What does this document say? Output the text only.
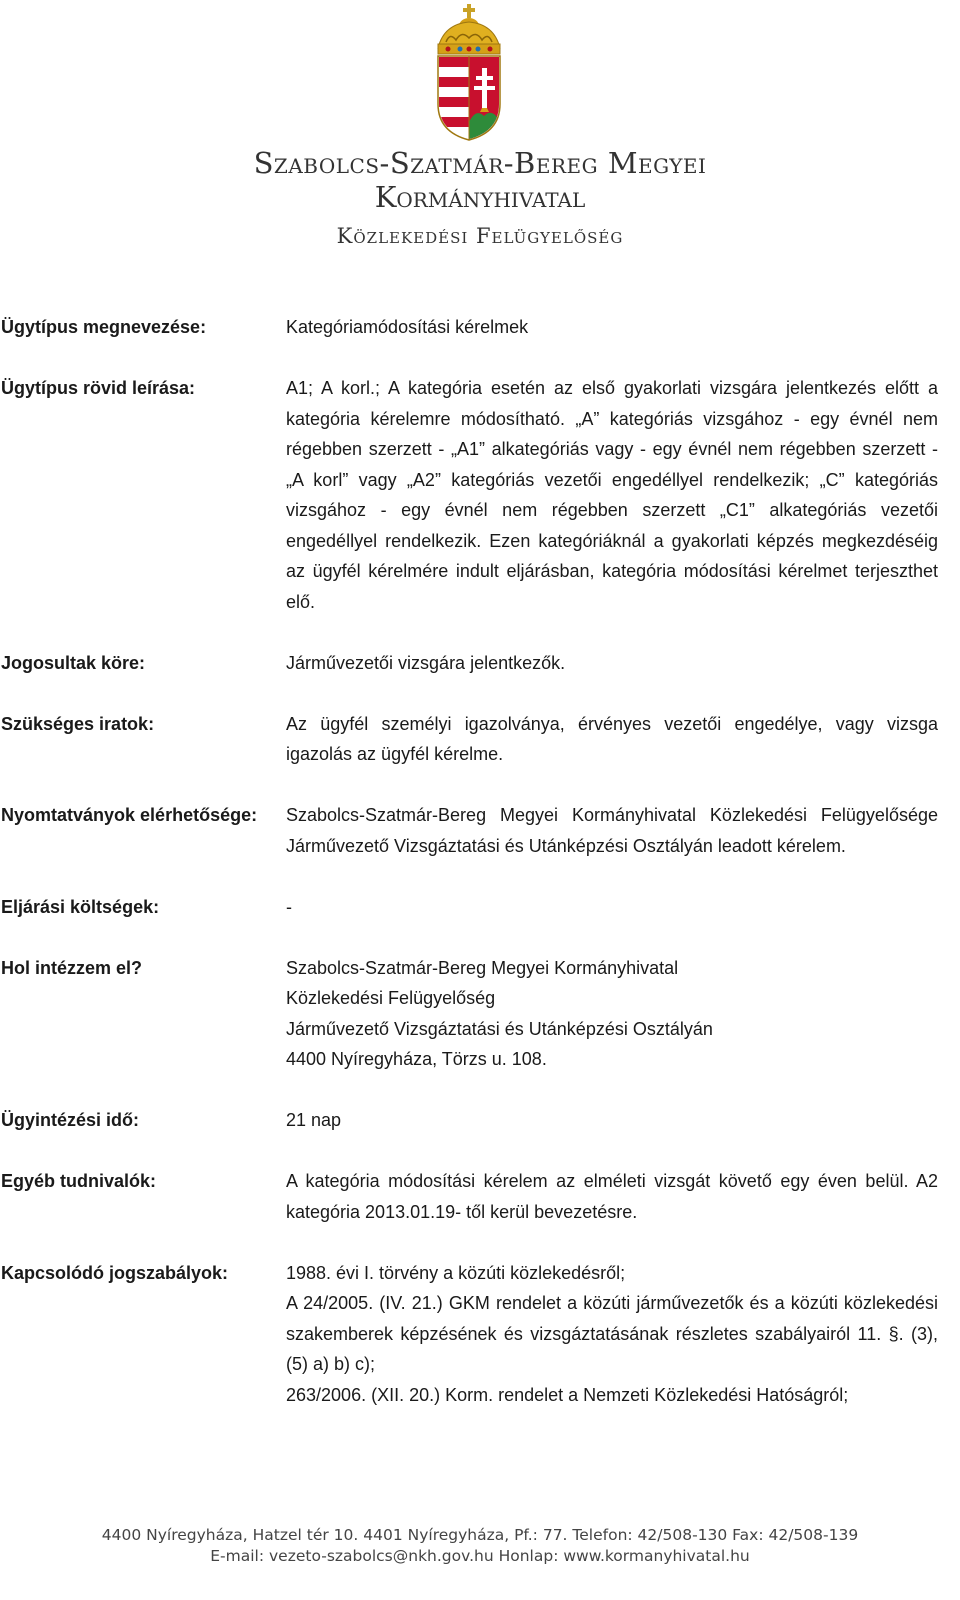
Szabolcs-Szatmár-Bereg Megyei
Kormányhivatal
Közlekedési Felügyelőség
Ügytípus megnevezése:	Kategóriamódosítási kérelmek
Ügytípus rövid leírása:	A1; A korl.; A kategória esetén az első gyakorlati vizsgára jelentkezés előtt a kategória kérelemre módosítható. „A” kategóriás vizsgához - egy évnél nem régebben szerzett - „A1” alkategóriás vagy - egy évnél nem régebben szerzett - „A korl” vagy „A2” kategóriás vezetői engedéllyel rendelkezik; „C” kategóriás vizsgához - egy évnél nem régebben szerzett „C1” alkategóriás vezetői engedéllyel rendelkezik. Ezen kategóriáknál a gyakorlati képzés megkezdéséig az ügyfél kérelmére indult eljárásban, kategória módosítási kérelmet terjeszthet elő.
Jogosultak köre:	Járművezetői vizsgára jelentkezők.
Szükséges iratok:	Az ügyfél személyi igazolványa, érvényes vezetői engedélye, vagy vizsga igazolás az ügyfél kérelme.
Nyomtatványok elérhetősége: Szabolcs-Szatmár-Bereg Megyei Kormányhivatal Közlekedési Felügyelősége Járművezető Vizsgáztatási és Utánképzési Osztályán leadott kérelem.
Eljárási költségek:	-
Hol intézzem el?	Szabolcs-Szatmár-Bereg Megyei Kormányhivatal
Közlekedési Felügyelőség
Járművezető Vizsgáztatási és Utánképzési Osztályán
4400 Nyíregyháza, Törzs u. 108.
Ügyintézési idő:	21 nap
Egyéb tudnivalók:	A kategória módosítási kérelem az elméleti vizsgát követő egy éven belül. A2 kategória 2013.01.19- től kerül bevezetésre.
Kapcsolódó jogszabályok:	1988. évi I. törvény a közúti közlekedésről;
A 24/2005. (IV. 21.) GKM rendelet a közúti járművezetők és a közúti közlekedési szakemberek képzésének és vizsgáztatásának részletes szabályairól 11. §. (3), (5) a) b) c);
263/2006. (XII. 20.) Korm. rendelet a Nemzeti Közlekedési Hatóságról;
4400 Nyíregyháza, Hatzel tér 10. 4401 Nyíregyháza, Pf.: 77. Telefon: 42/508-130 Fax: 42/508-139
E-mail: vezeto-szabolcs@nkh.gov.hu Honlap: www.kormanyhivatal.hu
